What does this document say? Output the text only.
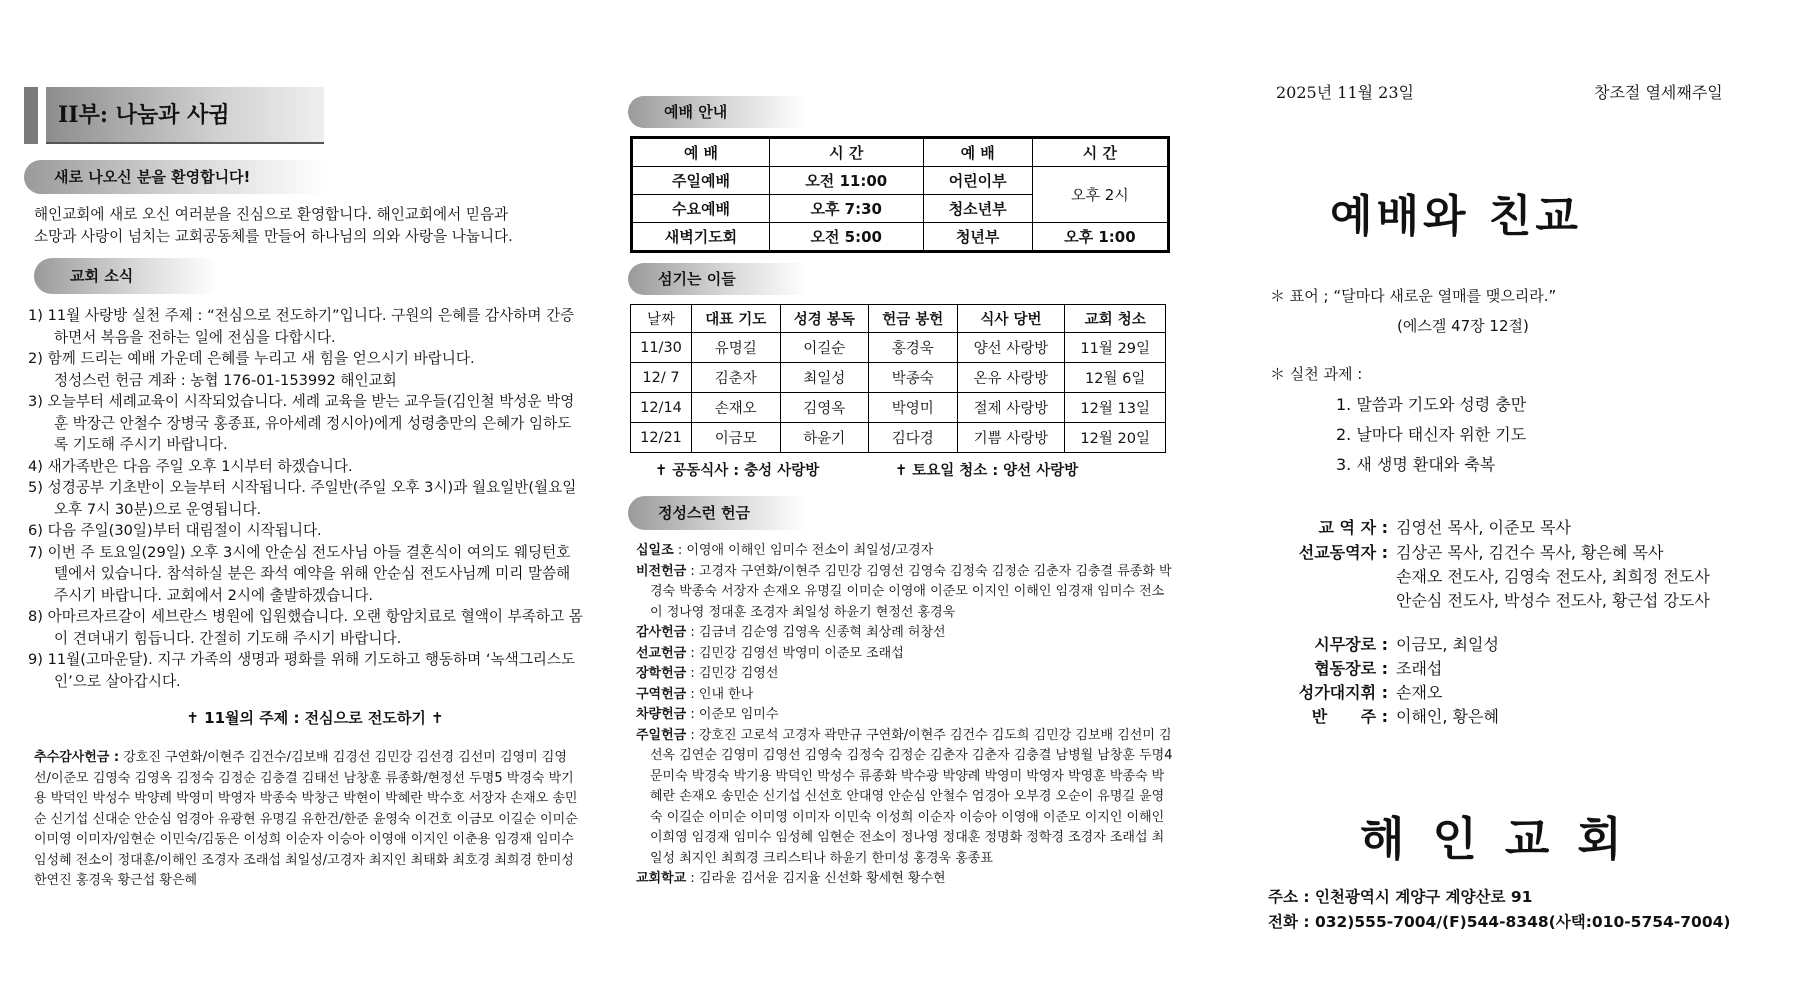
II부: 나눔과 사귐
새로 나오신 분을 환영합니다!
해인교회에 새로 오신 여러분을 진심으로 환영합니다. 해인교회에서 믿음과
소망과 사랑이 넘치는 교회공동체를 만들어 하나님의 의와 사랑을 나눕니다.
교회 소식
1) 11월 사랑방 실천 주제 : “전심으로 전도하기”입니다. 구원의 은혜를 감사하며 간증하면서 복음을 전하는 일에 전심을 다합시다.
2) 함께 드리는 예배 가운데 은혜를 누리고 새 힘을 얻으시기 바랍니다.
정성스런 헌금 계좌 : 농협 176-01-153992 해인교회
3) 오늘부터 세례교육이 시작되었습니다. 세례 교육을 받는 교우들(김인철 박성운 박영훈 박장근 안철수 장병국 홍종표, 유아세례 정시아)에게 성령충만의 은혜가 임하도록 기도해 주시기 바랍니다.
4) 새가족반은 다음 주일 오후 1시부터 하겠습니다.
5) 성경공부 기초반이 오늘부터 시작됩니다. 주일반(주일 오후 3시)과 월요일반(월요일 오후 7시 30분)으로 운영됩니다.
6) 다음 주일(30일)부터 대림절이 시작됩니다.
7) 이번 주 토요일(29일) 오후 3시에 안순심 전도사님 아들 결혼식이 여의도 웨딩턴호텔에서 있습니다. 참석하실 분은 좌석 예약을 위해 안순심 전도사님께 미리 말씀해 주시기 바랍니다. 교회에서 2시에 출발하겠습니다.
8) 아마르자르갈이 세브란스 병원에 입원했습니다. 오랜 항암치료로 혈액이 부족하고 몸이 견뎌내기 힘듭니다. 간절히 기도해 주시기 바랍니다.
9) 11월(고마운달). 지구 가족의 생명과 평화를 위해 기도하고 행동하며 ‘녹색그리스도인’으로 살아갑시다.
✝ 11월의 주제 : 전심으로 전도하기 ✝
추수감사헌금 : 강호진 구연화/이현주 김건수/김보배 김경선 김민강 김선경 김선미 김영미 김영선/이준모 김영숙 김영옥 김정숙 김정순 김충결 김태선 남창훈 류종화/현정선 두명5 박경숙 박기용 박덕인 박성수 박양례 박영미 박영자 박종숙 박창근 박현이 박혜란 박수호 서장자 손재오 송민순 신기섭 신대순 안순심 엄경아 유광현 유명길 유한건/한준 윤영숙 이건호 이금모 이길순 이미순 이미영 이미자/임현순 이민숙/김동은 이성희 이순자 이승아 이영애 이지인 이춘용 임경재 임미수 임성혜 전소이 정대훈/이해인 조경자 조래섭 최일성/고경자 최지인 최태화 최호경 최희경 한미성 한연진 홍경욱 황근섭 황은혜
예배 안내
예 배	시 간	예 배	시 간
주일예배	오전 11:00	어린이부	오후 2시
수요예배	오후 7:30	청소년부	
새벽기도회	오전 5:00	청년부	오후 1:00
섬기는 이들
날짜	대표 기도	성경 봉독	헌금 봉헌	식사 당번	교회 청소
11/30	유명길	이길순	홍경욱	양선 사랑방	11월 29일
12/ 7	김춘자	최일성	박종숙	온유 사랑방	12월 6일
12/14	손재오	김영옥	박영미	절제 사랑방	12월 13일
12/21	이금모	하윤기	김다경	기쁨 사랑방	12월 20일
✝ 공동식사 : 충성 사랑방	✝ 토요일 청소 : 양선 사랑방
정성스런 헌금
십일조 : 이영애 이해인 임미수 전소이 최일성/고경자
비전헌금 : 고경자 구연화/이현주 김민강 김영선 김영숙 김정숙 김정순 김춘자 김충결 류종화 박경숙 박종숙 서장자 손재오 유명길 이미순 이영애 이준모 이지인 이해인 임경재 임미수 전소이 정나영 정대훈 조경자 최일성 하윤기 현정선 홍경욱
감사헌금 : 김금녀 김순영 김영옥 신종혁 최상례 허창선
선교헌금 : 김민강 김영선 박영미 이준모 조래섭
장학헌금 : 김민강 김영선
구역헌금 : 인내 한나
차량헌금 : 이준모 임미수
주일헌금 : 강호진 고로석 고경자 곽만규 구연화/이현주 김건수 김도희 김민강 김보배 김선미 김선옥 김연순 김영미 김영선 김영숙 김정숙 김정순 김춘자 김춘자 김충결 남병월 남창훈 두명4 문미숙 박경숙 박기용 박덕인 박성수 류종화 박수광 박양례 박영미 박영자 박영훈 박종숙 박혜란 손재오 송민순 신기섭 신선호 안대영 안순심 안철수 엄경아 오부경 오순이 유명길 윤영숙 이길순 이미순 이미영 이미자 이민숙 이성희 이순자 이승아 이영애 이준모 이지인 이해인 이희영 임경재 임미수 임성혜 임현순 전소이 정나영 정대훈 정명화 정학경 조경자 조래섭 최일성 최지인 최희경 크리스티나 하윤기 한미성 홍경욱 홍종표
교회학교 : 김라윤 김서윤 김지율 신선화 황세현 황수현
2025년 11월 23일	창조절 열세째주일
예배와 친교
＊ 표어 ; “달마다 새로운 열매를 맺으리라.”
(에스겔 47장 12절)
＊ 실천 과제 :
1. 말씀과 기도와 성령 충만
2. 날마다 태신자 위한 기도
3. 새 생명 환대와 축복
교 역 자 : 김영선 목사, 이준모 목사
선교동역자 : 김상곤 목사, 김건수 목사, 황은혜 목사
손재오 전도사, 김영숙 전도사, 최희정 전도사
안순심 전도사, 박성수 전도사, 황근섭 강도사
시무장로 : 이금모, 최일성
협동장로 : 조래섭
성가대지휘 : 손재오
반      주 : 이해인, 황은혜
해 인 교 회
주소 : 인천광역시 계양구 계양산로 91
전화 : 032)555-7004/(F)544-8348(사택:010-5754-7004)
